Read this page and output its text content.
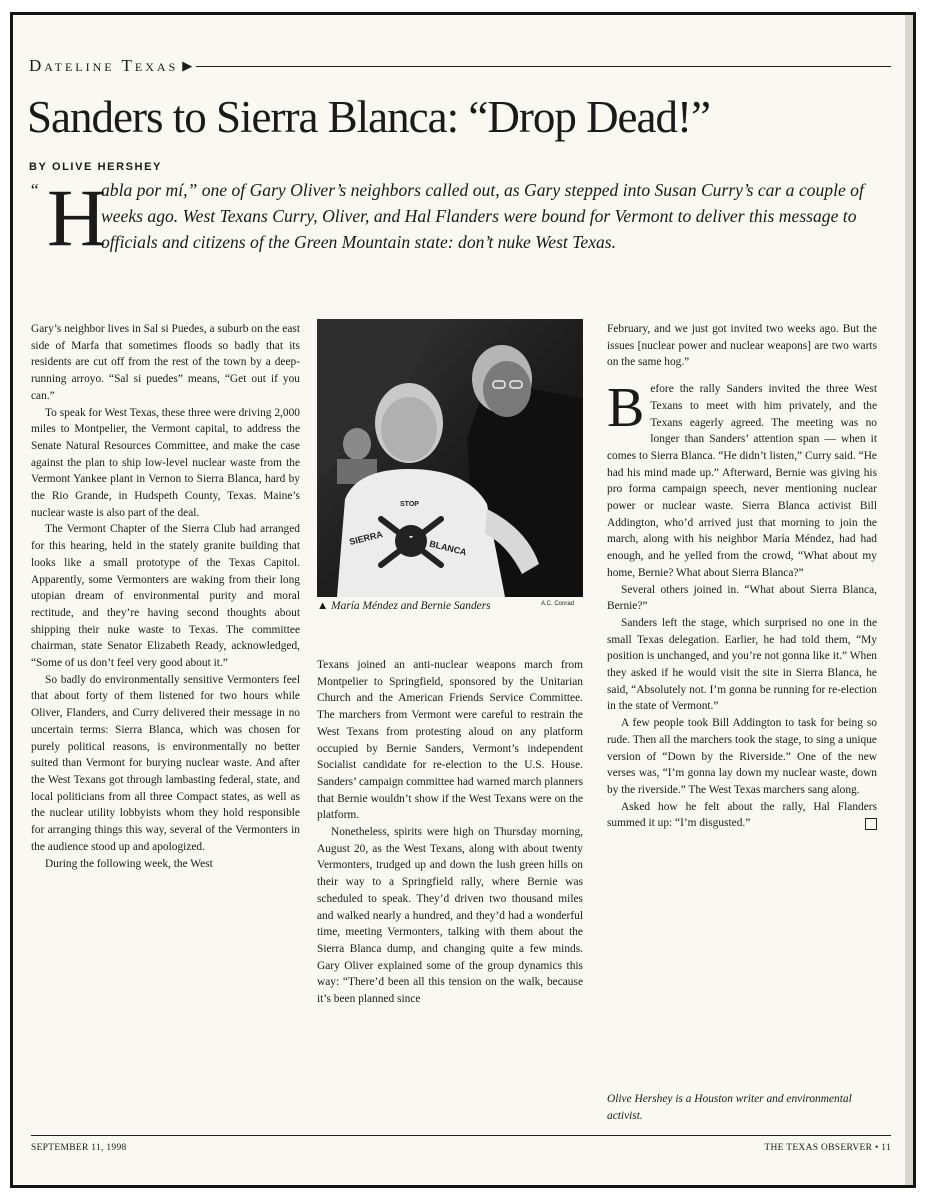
Dateline Texas ▶
Sanders to Sierra Blanca: “Drop Dead!”
BY OLIVE HERSHEY
“ H

abla por mí,” one of Gary Oliver’s neighbors called out, as Gary stepped into Susan Curry’s car a couple of weeks ago. West Texans Curry, Oliver, and Hal Flanders were bound for Vermont to deliver this message to officials and citizens of the Green Mountain state: don’t nuke West Texas.

Gary’s neighbor lives in Sal si Puedes, a suburb on the east side of Marfa that sometimes floods so badly that its residents are cut off from the rest of the town by a deep-running arroyo. “Sal si puedes” means, “Get out if you can.”

To speak for West Texas, these three were driving 2,000 miles to Montpelier, the Vermont capital, to address the Senate Natural Resources Committee, and make the case against the plan to ship low-level nuclear waste from the Vermont Yankee plant in Vernon to Sierra Blanca, hard by the Rio Grande, in Hudspeth County, Texas. Maine’s nuclear waste is also part of the deal.

The Vermont Chapter of the Sierra Club had arranged for this hearing, held in the stately granite building that looks like a small prototype of the Texas Capitol. Apparently, some Vermonters are waking from their long utopian dream of environmental purity and moral rectitude, and they’re having second thoughts about shipping their nuke waste to Texas. The committee chairman, state Senator Elizabeth Ready, acknowledged, “Some of us don’t feel very good about it.”

So badly do environmentally sensitive Vermonters feel that about forty of them listened for two hours while Oliver, Flanders, and Curry delivered their message in no uncertain terms: Sierra Blanca, which was chosen for purely political reasons, is environmentally no better suited than Vermont for burying nuclear waste. And after the West Texans got through lambasting federal, state, and local politicians from all three Compact states, as well as the nuclear utility lobbyists whom they hold responsible for arranging things this way, several of the Vermonters in the audience stood up and apologized.

During the following week, the West

STOP
SIERRA
BLANCA
A.C. Conrad
▲ María Méndez and Bernie Sanders

Texans joined an anti-nuclear weapons march from Montpelier to Springfield, sponsored by the Unitarian Church and the American Friends Service Committee. The marchers from Vermont were careful to restrain the West Texans from protesting aloud on any platform occupied by Bernie Sanders, Vermont’s independent Socialist candidate for re-election to the U.S. House. Sanders’ campaign committee had warned march planners that Bernie wouldn’t show if the West Texans were on the platform.

Nonetheless, spirits were high on Thursday morning, August 20, as the West Texans, along with about twenty Vermonters, trudged up and down the lush green hills on their way to a Springfield rally, where Bernie was scheduled to speak. They’d driven two thousand miles and walked nearly a hundred, and they’d had a wonderful time, meeting Vermonters, talking with them about the Sierra Blanca dump, and changing quite a few minds. Gary Oliver explained some of the group dynamics this way: “There’d been all this tension on the walk, because it’s been planned since

February, and we just got invited two weeks ago. But the issues [nuclear power and nuclear weapons] are two warts on the same hog.”

B efore the rally Sanders invited the three West Texans to meet with him privately, and the Texans eagerly agreed. The meeting was no longer than Sanders’ attention span — when it comes to Sierra Blanca. “He didn’t listen,” Curry said. “He had his mind made up.” Afterward, Bernie was giving his pro forma campaign speech, never mentioning nuclear power or nuclear waste. Sierra Blanca activist Bill Addington, who’d arrived just that morning to join the march, along with his neighbor María Méndez, had had enough, and he yelled from the crowd, “What about my home, Bernie? What about Sierra Blanca?”

Several others joined in. “What about Sierra Blanca, Bernie?”

Sanders left the stage, which surprised no one in the small Texas delegation. Earlier, he had told them, “My position is unchanged, and you’re not gonna like it.” When they asked if he would visit the site in Sierra Blanca, he said, “Absolutely not. I’m gonna be running for re-election in the state of Vermont.”

A few people took Bill Addington to task for being so rude. Then all the marchers took the stage, to sing a unique version of “Down by the Riverside.” One of the new verses was, “I’m gonna lay down my nuclear waste, down by the riverside.” The West Texas marchers sang along.

Asked how he felt about the rally, Hal Flanders summed it up: “I’m disgusted.”

Olive Hershey is a Houston writer and environmental activist.
SEPTEMBER 11, 1998	THE TEXAS OBSERVER • 11
